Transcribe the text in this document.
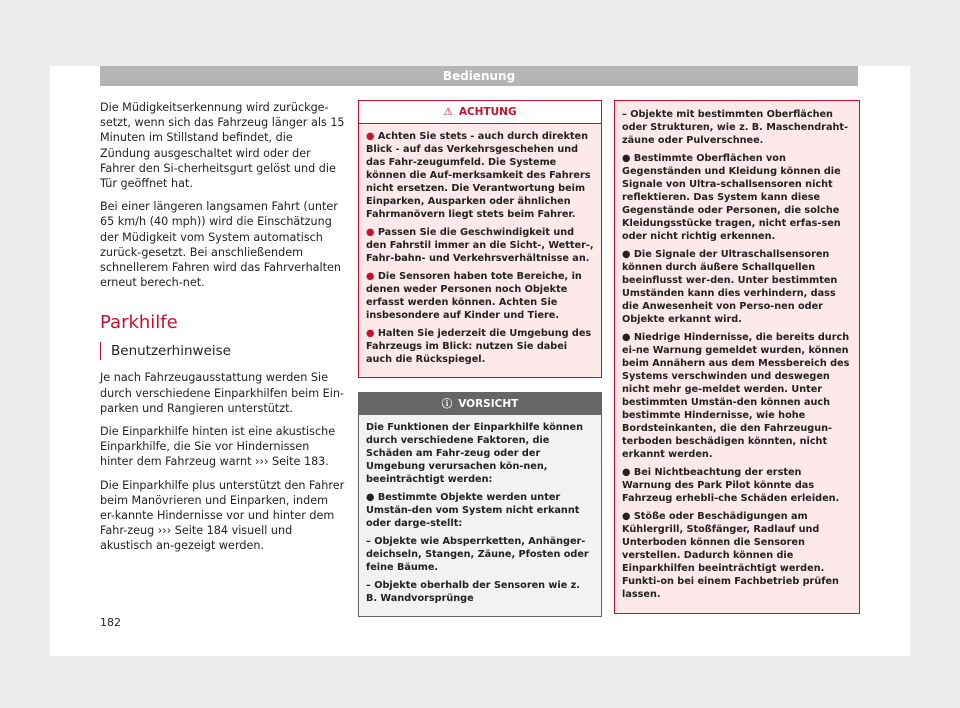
Bedienung

Die Müdigkeitserkennung wird zurückge-setzt, wenn sich das Fahrzeug länger als 15 Minuten im Stillstand befindet, die Zündung ausgeschaltet wird oder der Fahrer den Si-cherheitsgurt gelöst und die Tür geöffnet hat.

Bei einer längeren langsamen Fahrt (unter 65 km/h (40 mph)) wird die Einschätzung der Müdigkeit vom System automatisch zurück-gesetzt. Bei anschließendem schnellerem Fahren wird das Fahrverhalten erneut berech-net.

Parkhilfe
Benutzerhinweise

Je nach Fahrzeugausstattung werden Sie durch verschiedene Einparkhilfen beim Ein-parken und Rangieren unterstützt.

Die Einparkhilfe hinten ist eine akustische Einparkhilfe, die Sie vor Hindernissen hinter dem Fahrzeug warnt ››› Seite 183.

Die Einparkhilfe plus unterstützt den Fahrer beim Manövrieren und Einparken, indem er-kannte Hindernisse vor und hinter dem Fahr-zeug ››› Seite 184 visuell und akustisch an-gezeigt werden.

⚠ ACHTUNG

● Achten Sie stets - auch durch direkten Blick - auf das Verkehrsgeschehen und das Fahr-zeugumfeld. Die Systeme können die Auf-merksamkeit des Fahrers nicht ersetzen. Die Verantwortung beim Einparken, Ausparken oder ähnlichen Fahrmanövern liegt stets beim Fahrer.

● Passen Sie die Geschwindigkeit und den Fahrstil immer an die Sicht-, Wetter-, Fahr-bahn- und Verkehrsverhältnisse an.

● Die Sensoren haben tote Bereiche, in denen weder Personen noch Objekte erfasst werden können. Achten Sie insbesondere auf Kinder und Tiere.

● Halten Sie jederzeit die Umgebung des Fahrzeugs im Blick: nutzen Sie dabei auch die Rückspiegel.

ⓘ VORSICHT

Die Funktionen der Einparkhilfe können durch verschiedene Faktoren, die Schäden am Fahr-zeug oder der Umgebung verursachen kön-nen, beeinträchtigt werden:

● Bestimmte Objekte werden unter Umstän-den vom System nicht erkannt oder darge-stellt:

– Objekte wie Absperrketten, Anhänger-deichseln, Stangen, Zäune, Pfosten oder feine Bäume.

– Objekte oberhalb der Sensoren wie z. B. Wandvorsprünge

– Objekte mit bestimmten Oberflächen oder Strukturen, wie z. B. Maschendraht-zäune oder Pulverschnee.

● Bestimmte Oberflächen von Gegenständen und Kleidung können die Signale von Ultra-schallsensoren nicht reflektieren. Das System kann diese Gegenstände oder Personen, die solche Kleidungsstücke tragen, nicht erfas-sen oder nicht richtig erkennen.

● Die Signale der Ultraschallsensoren können durch äußere Schallquellen beeinflusst wer-den. Unter bestimmten Umständen kann dies verhindern, dass die Anwesenheit von Perso-nen oder Objekte erkannt wird.

● Niedrige Hindernisse, die bereits durch ei-ne Warnung gemeldet wurden, können beim Annähern aus dem Messbereich des Systems verschwinden und deswegen nicht mehr ge-meldet werden. Unter bestimmten Umstän-den können auch bestimmte Hindernisse, wie hohe Bordsteinkanten, die den Fahrzeugun-terboden beschädigen könnten, nicht erkannt werden.

● Bei Nichtbeachtung der ersten Warnung des Park Pilot könnte das Fahrzeug erhebli-che Schäden erleiden.

● Stöße oder Beschädigungen am Kühlergrill, Stoßfänger, Radlauf und Unterboden können die Sensoren verstellen. Dadurch können die Einparkhilfen beeinträchtigt werden. Funkti-on bei einem Fachbetrieb prüfen lassen.

182
